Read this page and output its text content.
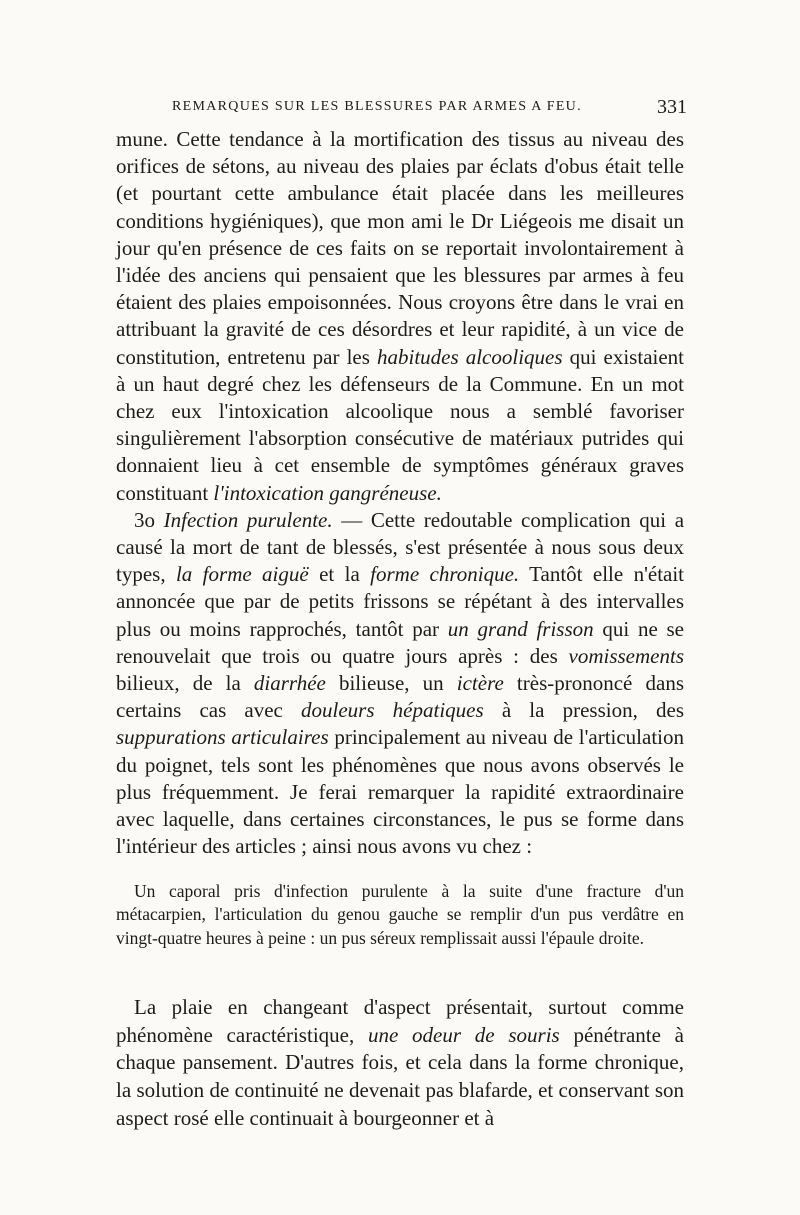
REMARQUES SUR LES BLESSURES PAR ARMES A FEU.	331

mune. Cette tendance à la mortification des tissus au niveau des orifices de sétons, au niveau des plaies par éclats d'obus était telle (et pourtant cette ambulance était placée dans les meilleures conditions hygiéniques), que mon ami le Dr Liégeois me disait un jour qu'en présence de ces faits on se reportait involontairement à l'idée des anciens qui pensaient que les blessures par armes à feu étaient des plaies empoisonnées. Nous croyons être dans le vrai en attribuant la gravité de ces désordres et leur rapidité, à un vice de constitution, entretenu par les habitudes alcooliques qui existaient à un haut degré chez les défenseurs de la Commune. En un mot chez eux l'intoxication alcoolique nous a semblé favoriser singulièrement l'absorption consécutive de matériaux putrides qui donnaient lieu à cet ensemble de symptômes généraux graves constituant l'intoxication gangréneuse.

3o Infection purulente. — Cette redoutable complication qui a causé la mort de tant de blessés, s'est présentée à nous sous deux types, la forme aiguë et la forme chronique. Tantôt elle n'était annoncée que par de petits frissons se répétant à des intervalles plus ou moins rapprochés, tantôt par un grand frisson qui ne se renouvelait que trois ou quatre jours après : des vomissements bilieux, de la diarrhée bilieuse, un ictère très-prononcé dans certains cas avec douleurs hépatiques à la pression, des suppurations articulaires principalement au niveau de l'articulation du poignet, tels sont les phénomènes que nous avons observés le plus fréquemment. Je ferai remarquer la rapidité extraordinaire avec laquelle, dans certaines circonstances, le pus se forme dans l'intérieur des articles ; ainsi nous avons vu chez :

Un caporal pris d'infection purulente à la suite d'une fracture d'un métacarpien, l'articulation du genou gauche se remplir d'un pus verdâtre en vingt-quatre heures à peine : un pus séreux remplissait aussi l'épaule droite.

La plaie en changeant d'aspect présentait, surtout comme phénomène caractéristique, une odeur de souris pénétrante à chaque pansement. D'autres fois, et cela dans la forme chronique, la solution de continuité ne devenait pas blafarde, et conservant son aspect rosé elle continuait à bourgeonner et à
